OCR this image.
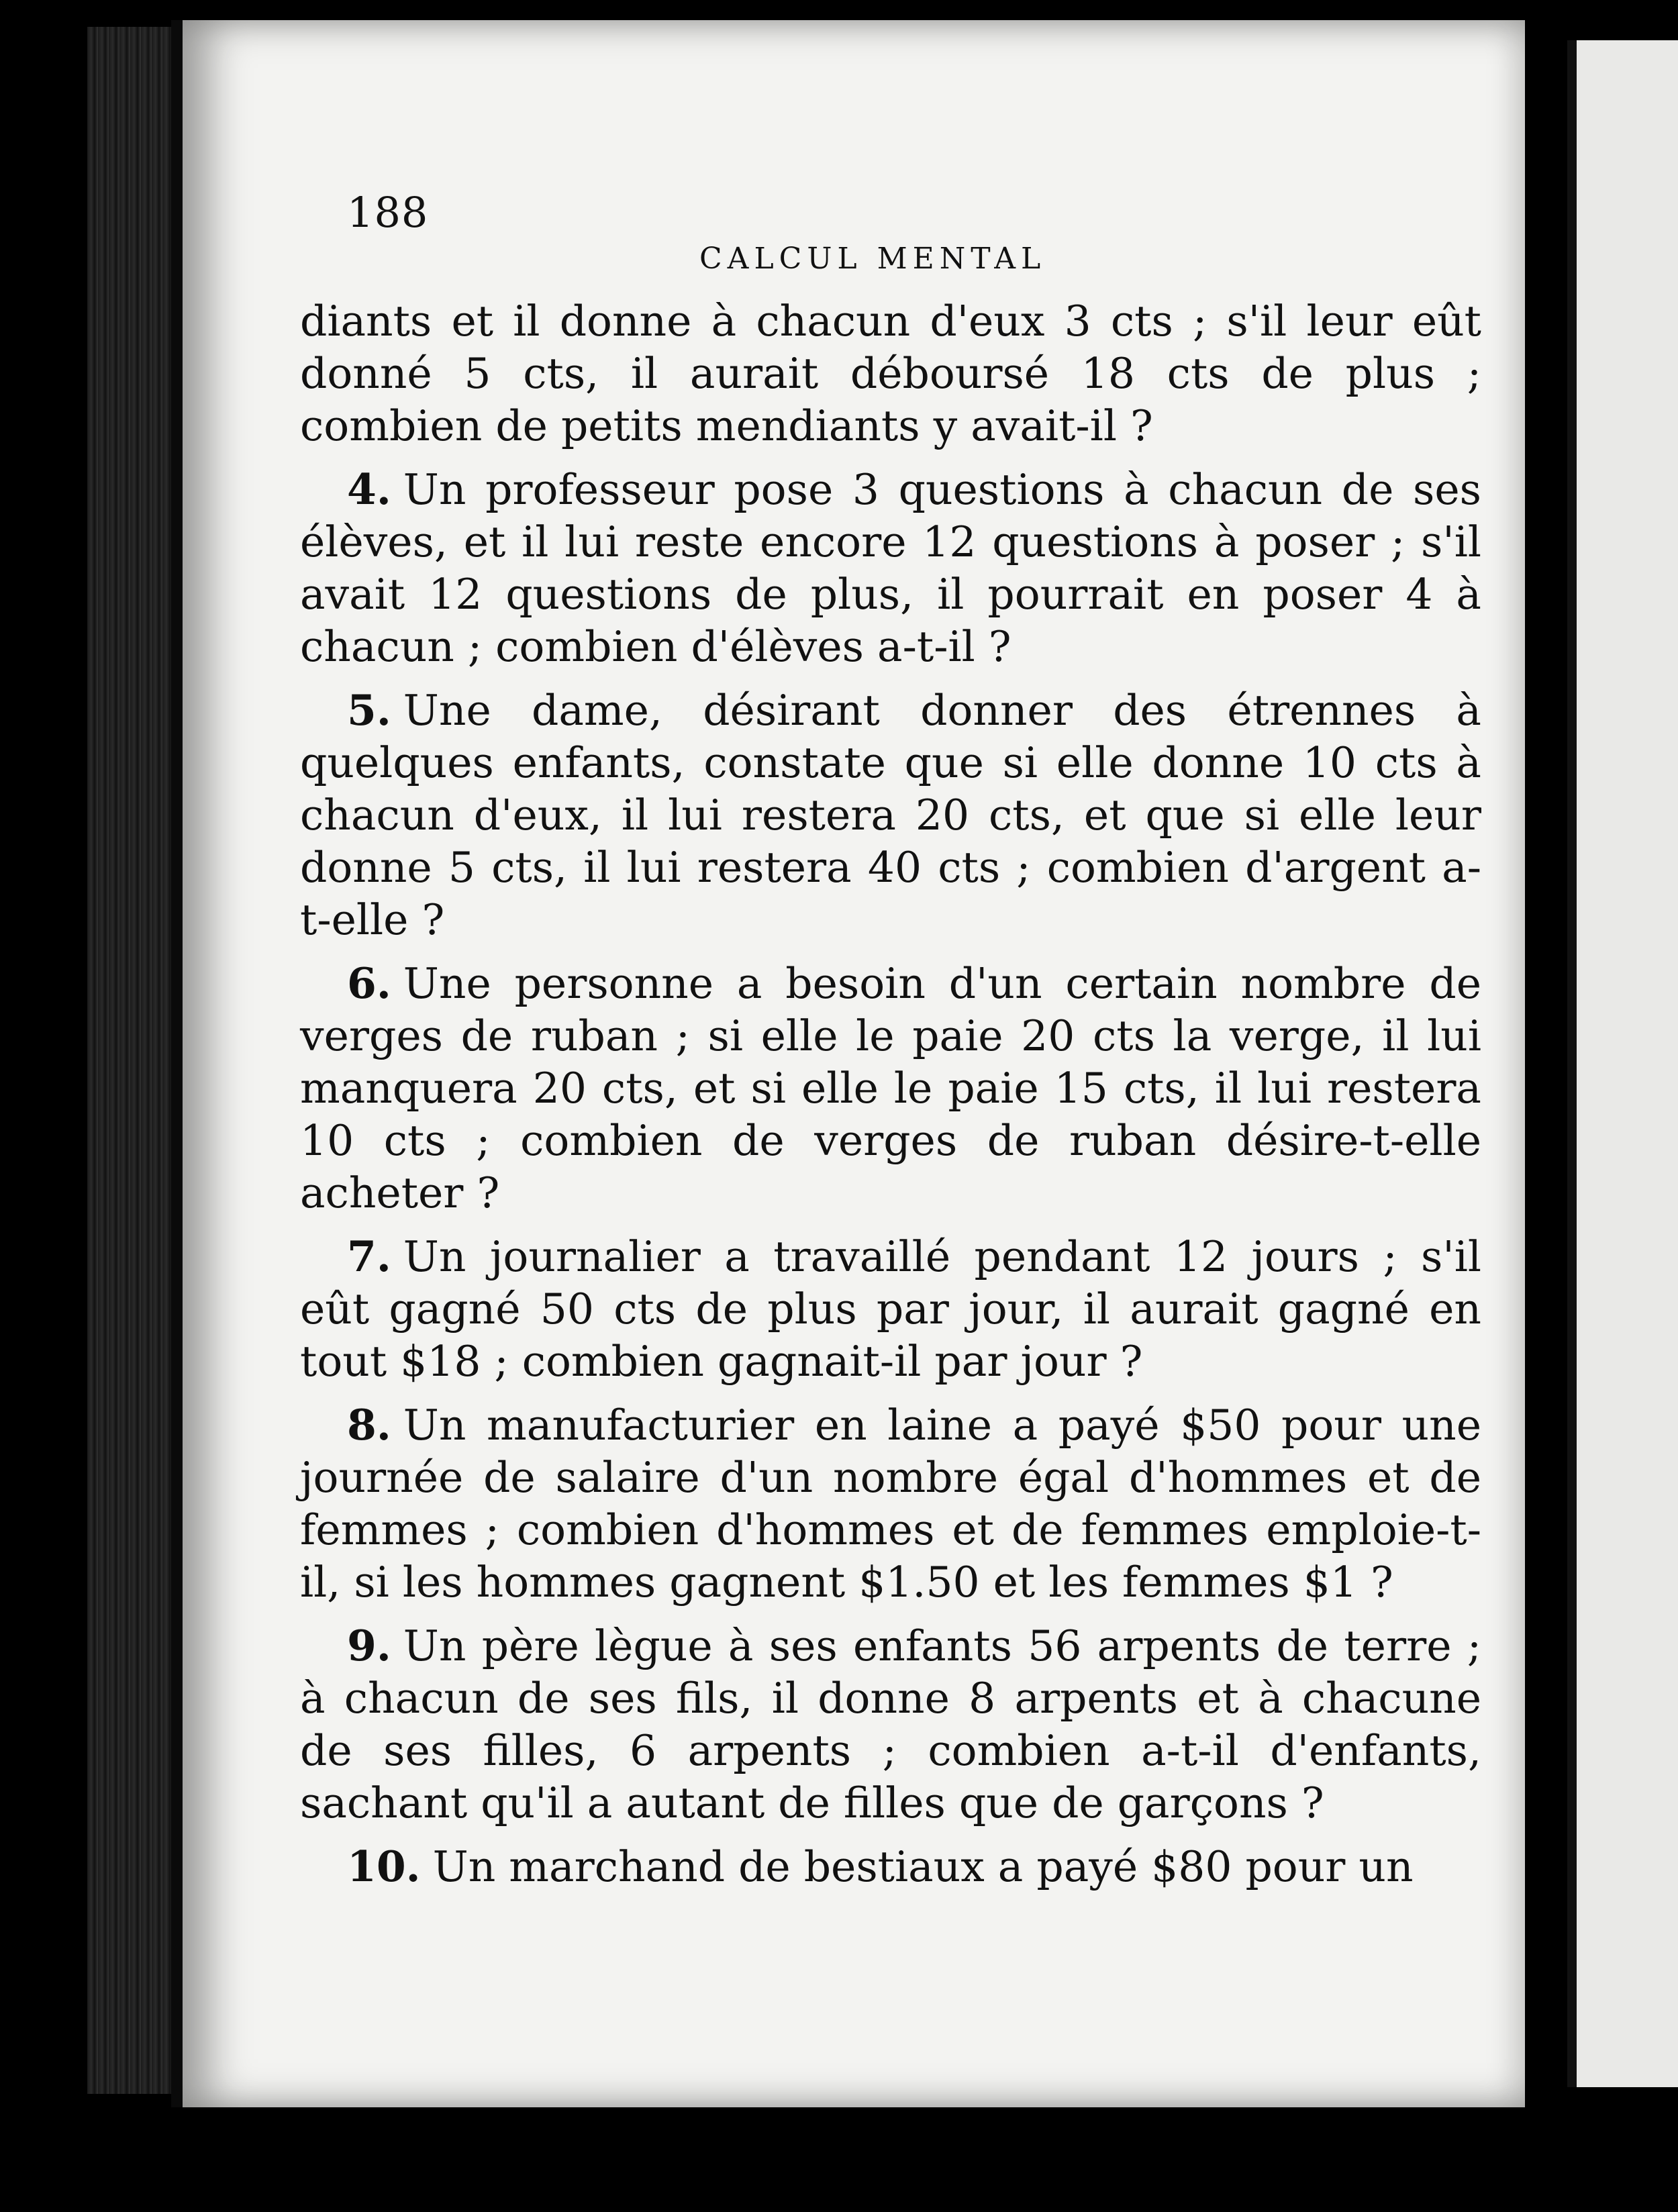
188
CALCUL MENTAL

diants et il donne à chacun d'eux 3 cts ; s'il leur eût donné 5 cts, il aurait déboursé 18 cts de plus ; combien de petits mendiants y avait-il ?

4. Un professeur pose 3 questions à chacun de ses élèves, et il lui reste encore 12 questions à poser ; s'il avait 12 questions de plus, il pourrait en poser 4 à chacun ; combien d'élèves a-t-il ?

5. Une dame, désirant donner des étrennes à quelques enfants, constate que si elle donne 10 cts à chacun d'eux, il lui restera 20 cts, et que si elle leur donne 5 cts, il lui restera 40 cts ; combien d'argent a-t-elle ?

6. Une personne a besoin d'un certain nombre de verges de ruban ; si elle le paie 20 cts la verge, il lui manquera 20 cts, et si elle le paie 15 cts, il lui restera 10 cts ; combien de verges de ruban désire-t-elle acheter ?

7. Un journalier a travaillé pendant 12 jours ; s'il eût gagné 50 cts de plus par jour, il aurait gagné en tout $18 ; combien gagnait-il par jour ?

8. Un manufacturier en laine a payé $50 pour une journée de salaire d'un nombre égal d'hommes et de femmes ; combien d'hommes et de femmes emploie-t-il, si les hommes gagnent $1.50 et les femmes $1 ?

9. Un père lègue à ses enfants 56 arpents de terre ; à chacun de ses fils, il donne 8 arpents et à chacune de ses filles, 6 arpents ; combien a-t-il d'enfants, sachant qu'il a autant de filles que de garçons ?

10. Un marchand de bestiaux a payé $80 pour un
